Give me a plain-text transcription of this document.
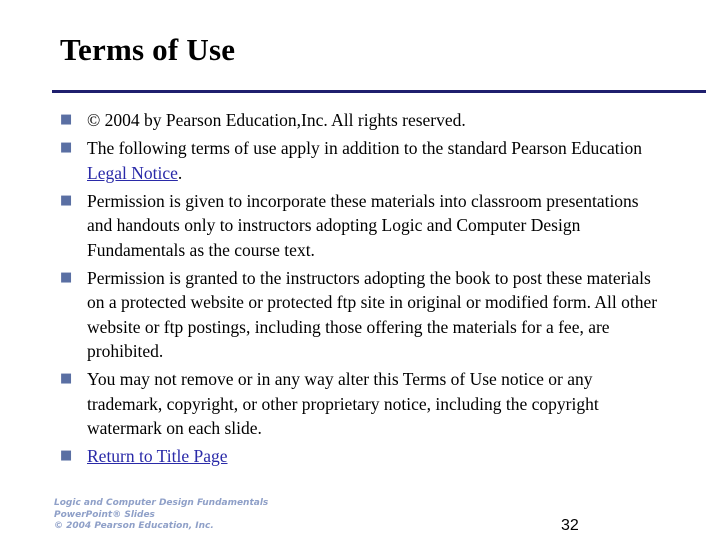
Terms of Use
■ © 2004 by Pearson Education,Inc. All rights reserved.
■ The following terms of use apply in addition to the standard Pearson Education Legal Notice.
■ Permission is given to incorporate these materials into classroom presentations and handouts only to instructors adopting Logic and Computer Design Fundamentals as the course text.
■ Permission is granted to the instructors adopting the book to post these materials on a protected website or protected ftp site in original or modified form. All other website or ftp postings, including those offering the materials for a fee, are prohibited.
■ You may not remove or in any way alter this Terms of Use notice or any trademark, copyright, or other proprietary notice, including the copyright watermark on each slide.
■ Return to Title Page
Logic and Computer Design Fundamentals
PowerPoint® Slides
© 2004 Pearson Education, Inc.	32
